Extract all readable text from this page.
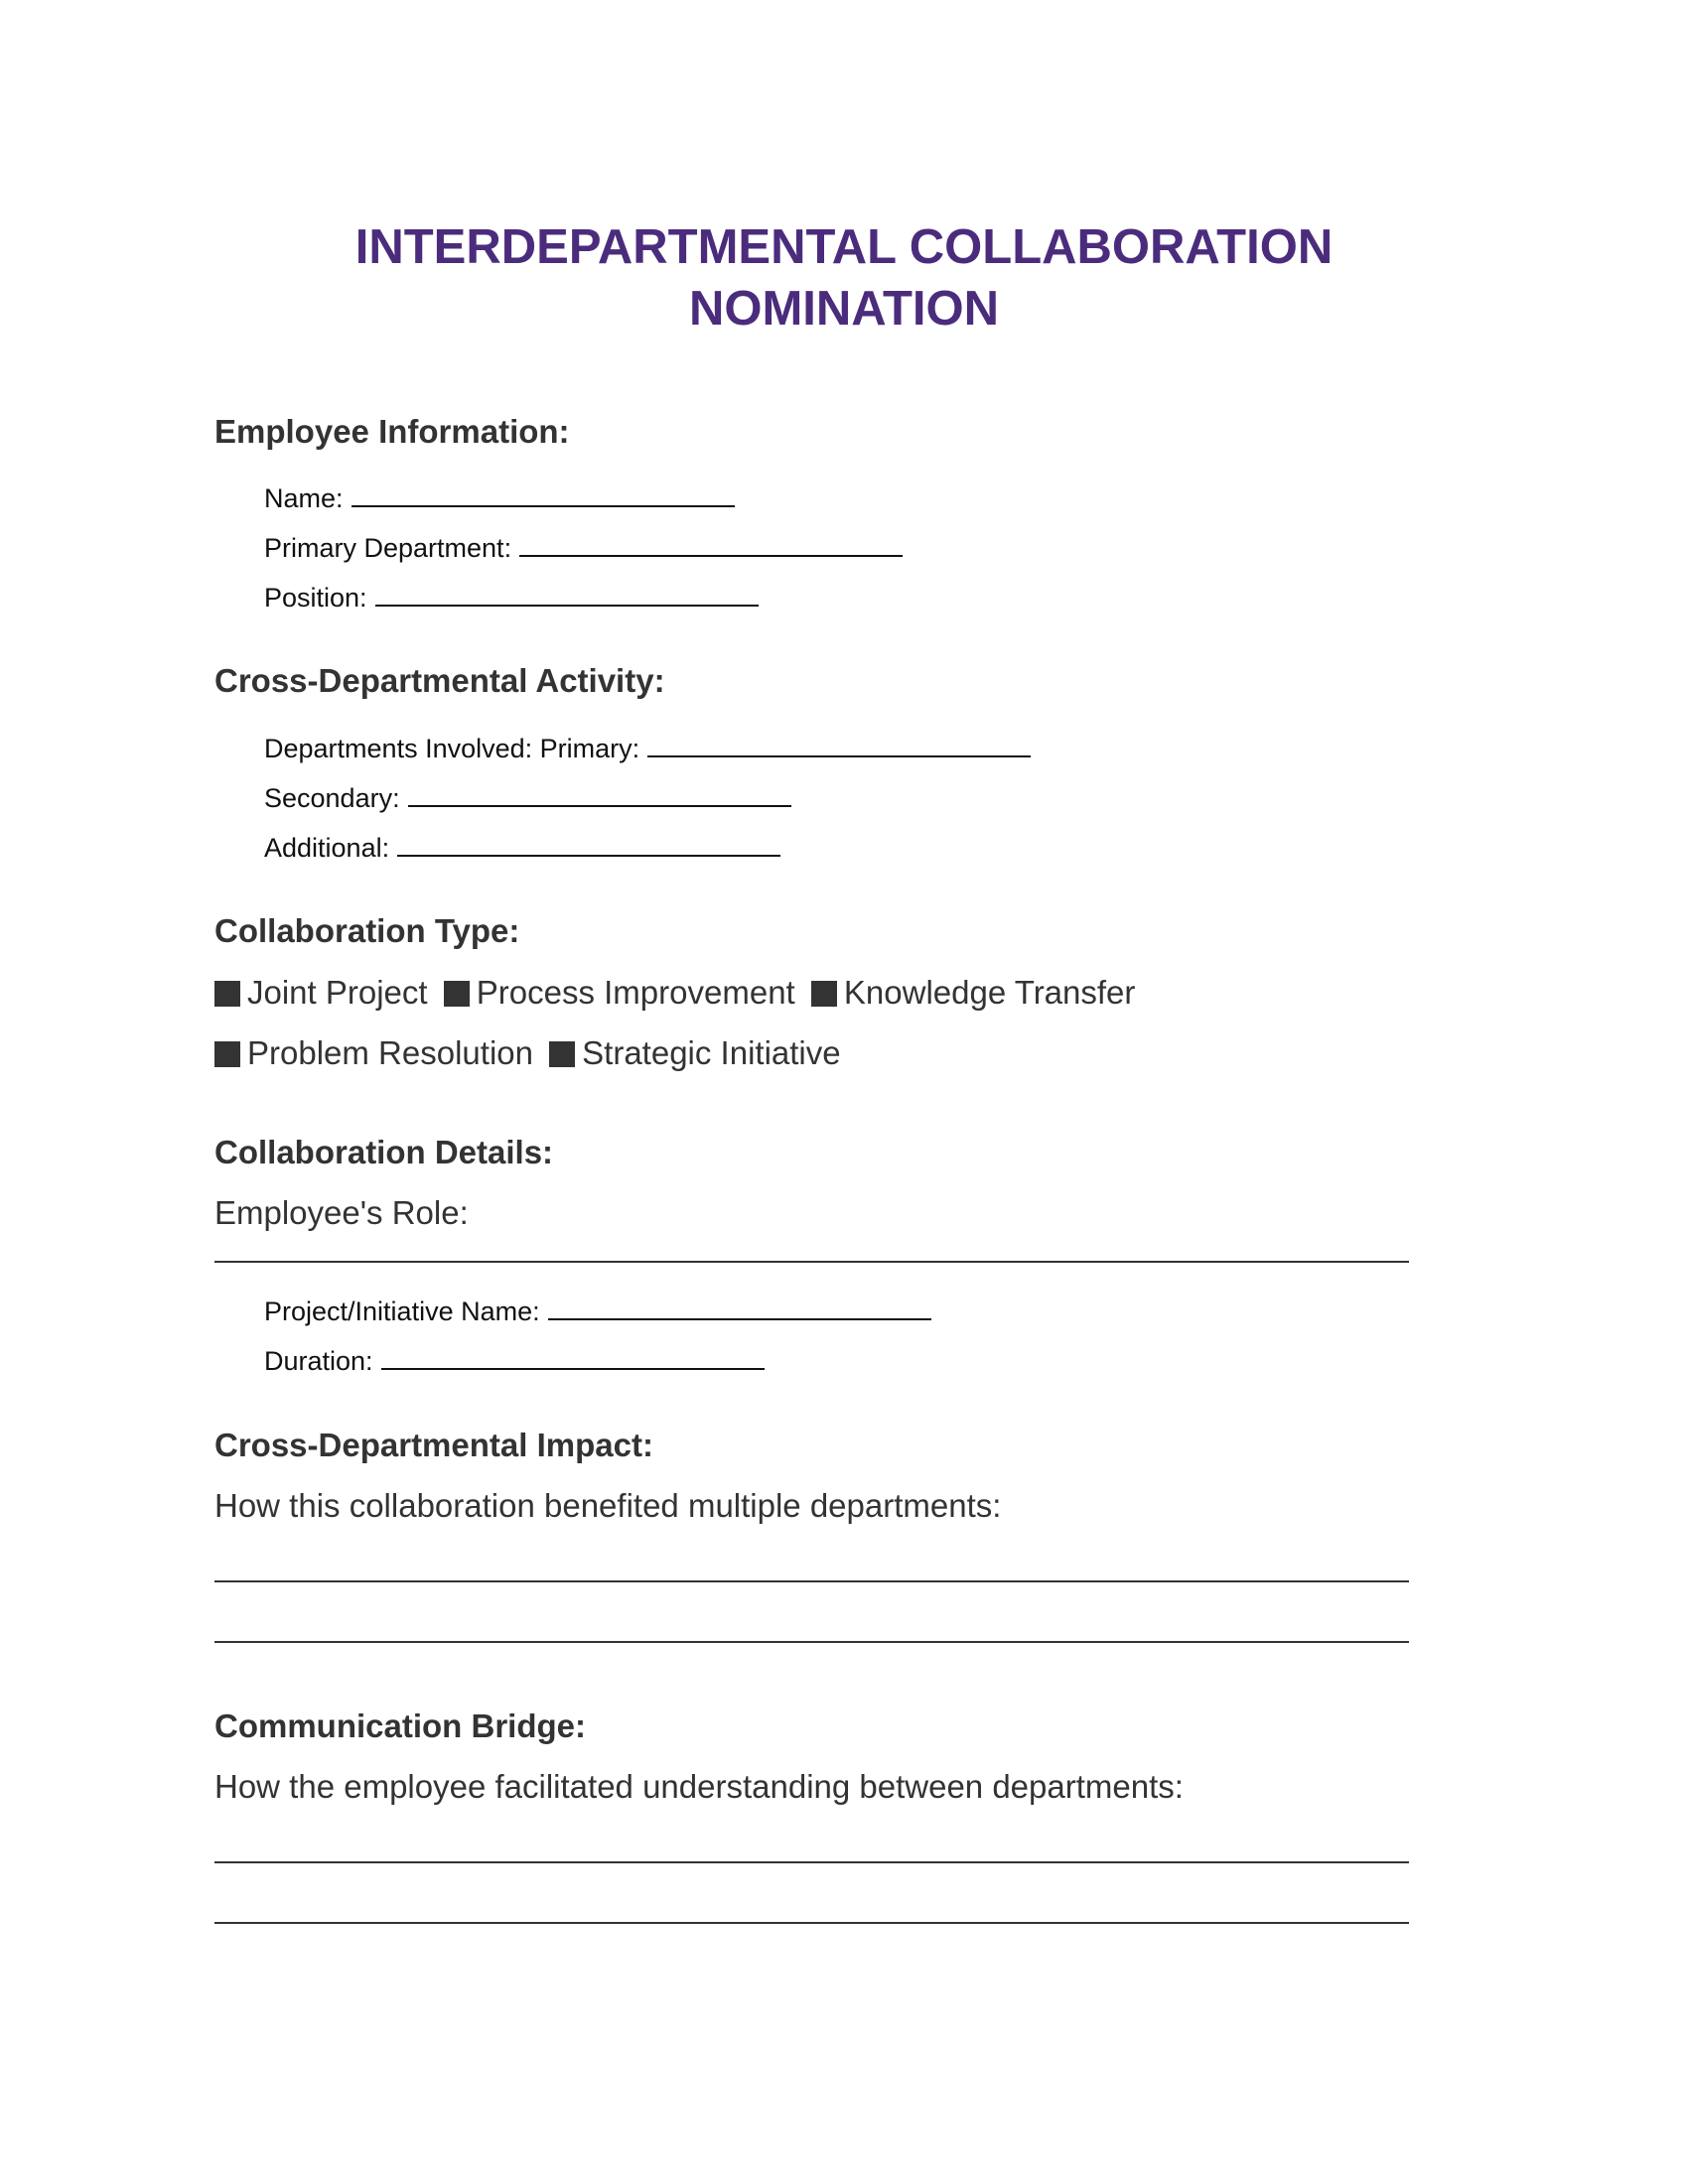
INTERDEPARTMENTAL COLLABORATION
NOMINATION
Employee Information:
Name:
Primary Department:
Position:
Cross-Departmental Activity:
Departments Involved: Primary:
Secondary:
Additional:
Collaboration Type:
Joint Project
Process Improvement
Knowledge Transfer
Problem Resolution
Strategic Initiative
Collaboration Details:
Employee's Role:
Project/Initiative Name:
Duration:
Cross-Departmental Impact:
How this collaboration benefited multiple departments:
Communication Bridge:
How the employee facilitated understanding between departments:
